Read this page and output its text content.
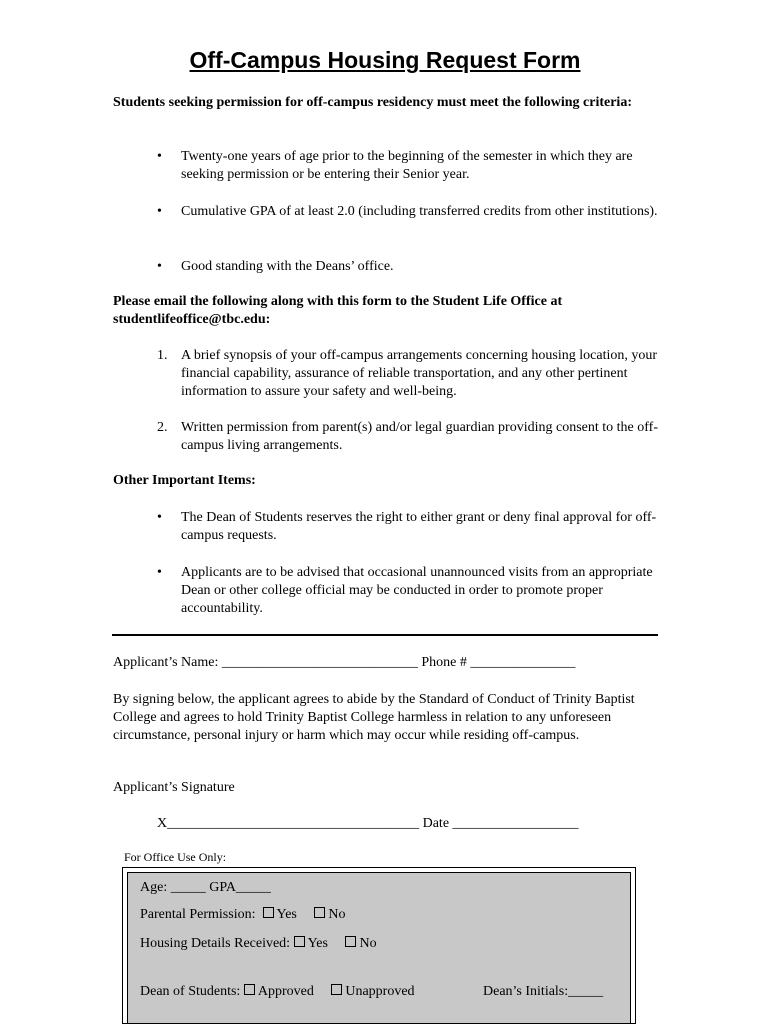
Off-Campus Housing Request Form

Students seeking permission for off-campus residency must meet the following criteria:

•	Twenty-one years of age prior to the beginning of the semester in which they are seeking permission or be entering their Senior year.
•	Cumulative GPA of at least 2.0 (including transferred credits from other institutions).
•	Good standing with the Deans’ office.

Please email the following along with this form to the Student Life Office at studentlifeoffice@tbc.edu:

1. A brief synopsis of your off-campus arrangements concerning housing location, your financial capability, assurance of reliable transportation, and any other pertinent information to assure your safety and well-being.
2. Written permission from parent(s) and/or legal guardian providing consent to the off-campus living arrangements.

Other Important Items:

•	The Dean of Students reserves the right to either grant or deny final approval for off-campus requests.
•	Applicants are to be advised that occasional unannounced visits from an appropriate Dean or other college official may be conducted in order to promote proper accountability.
Applicant’s Name: ____________________________ Phone # _______________

By signing below, the applicant agrees to abide by the Standard of Conduct of Trinity Baptist College and agrees to hold Trinity Baptist College harmless in relation to any unforeseen circumstance, personal injury or harm which may occur while residing off-campus.

Applicant’s Signature
X____________________________________ Date __________________
For Office Use Only:
Age: _____ GPA_____
Parental Permission: Yes No
Housing Details Received: Yes No
Dean of Students: Approved Unapproved	Dean’s Initials:_____
